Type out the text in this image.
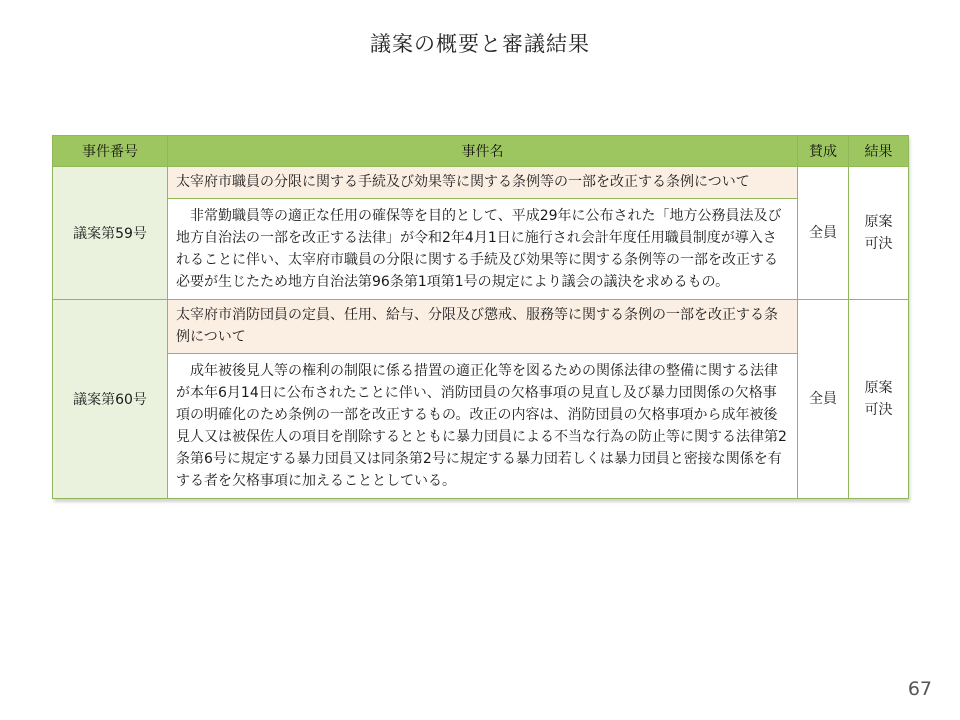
議案の概要と審議結果
事件番号	事件名	賛成	結果
議案第59号	太宰府市職員の分限に関する手続及び効果等に関する条例等の一部を改正する条例について	全員	原案可決
	非常勤職員等の適正な任用の確保等を目的として、平成29年に公布された「地方公務員法及び地方自治法の一部を改正する法律」が令和2年4月1日に施行され会計年度任用職員制度が導入されることに伴い、太宰府市職員の分限に関する手続及び効果等に関する条例等の一部を改正する必要が生じたため地方自治法第96条第1項第1号の規定により議会の議決を求めるもの。		
議案第60号	太宰府市消防団員の定員、任用、給与、分限及び懲戒、服務等に関する条例の一部を改正する条例について	全員	原案可決
	成年被後見人等の権利の制限に係る措置の適正化等を図るための関係法律の整備に関する法律が本年6月14日に公布されたことに伴い、消防団員の欠格事項の見直し及び暴力団関係の欠格事項の明確化のため条例の一部を改正するもの。改正の内容は、消防団員の欠格事項から成年被後見人又は被保佐人の項目を削除するとともに暴力団員による不当な行為の防止等に関する法律第2条第6号に規定する暴力団員又は同条第2号に規定する暴力団若しくは暴力団員と密接な関係を有する者を欠格事項に加えることとしている。		
67
